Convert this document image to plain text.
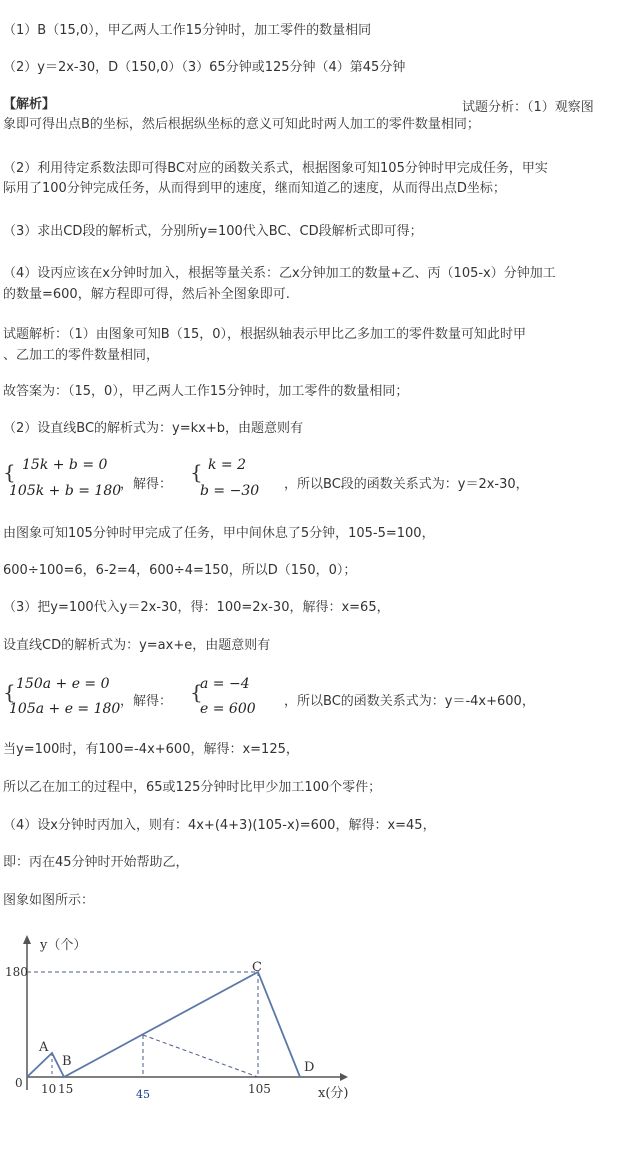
（1）B（15,0），甲乙两人工作15分钟时，加工零件的数量相同
（2）y＝2x-30，D（150,0）（3）65分钟或125分钟（4）第45分钟
【解析】	试题分析：（1）观察图
象即可得出点B的坐标，然后根据纵坐标的意义可知此时两人加工的零件数量相同；
（2）利用待定系数法即可得BC对应的函数关系式，根据图象可知105分钟时甲完成任务，甲实
际用了100分钟完成任务，从而得到甲的速度，继而知道乙的速度，从而得出点D坐标；
（3）求出CD段的解析式，分别所y=100代入BC、CD段解析式即可得；
（4）设丙应该在x分钟时加入，根据等量关系：乙x分钟加工的数量+乙、丙（105-x）分钟加工
的数量=600，解方程即可得，然后补全图象即可.
试题解析：（1）由图象可知B（15，0），根据纵轴表示甲比乙多加工的零件数量可知此时甲
、乙加工的零件数量相同，
故答案为：（15，0），甲乙两人工作15分钟时，加工零件的数量相同；
（2）设直线BC的解析式为：y=kx+b，由题意则有
{ 15k + b = 0
105k + b = 180
，解得：
{ k = 2
b = −30 ，所以BC段的函数关系式为：y＝2x-30，
由图象可知105分钟时甲完成了任务，甲中间休息了5分钟，105-5=100，
600÷100=6，6-2=4，600÷4=150，所以D（150，0）；
（3）把y=100代入y＝2x-30，得：100=2x-30，解得：x=65，
设直线CD的解析式为：y=ax+e，由题意则有
{ 150a + e = 0
105a + e = 180 ，解得： {
a = −4
e = 600 ，所以BC的函数关系式为：y＝-4x+600，
当y=100时，有100=-4x+600，解得：x=125，
所以乙在加工的过程中，65或125分钟时比甲少加工100个零件；
（4）设x分钟时丙加入，则有：4x+(4+3)(105-x)=600，解得：x=45，
即：丙在45分钟时开始帮助乙，
图象如图所示：
y（个）
x(分)
0
180
10 15	45	105
A
B
C
D
